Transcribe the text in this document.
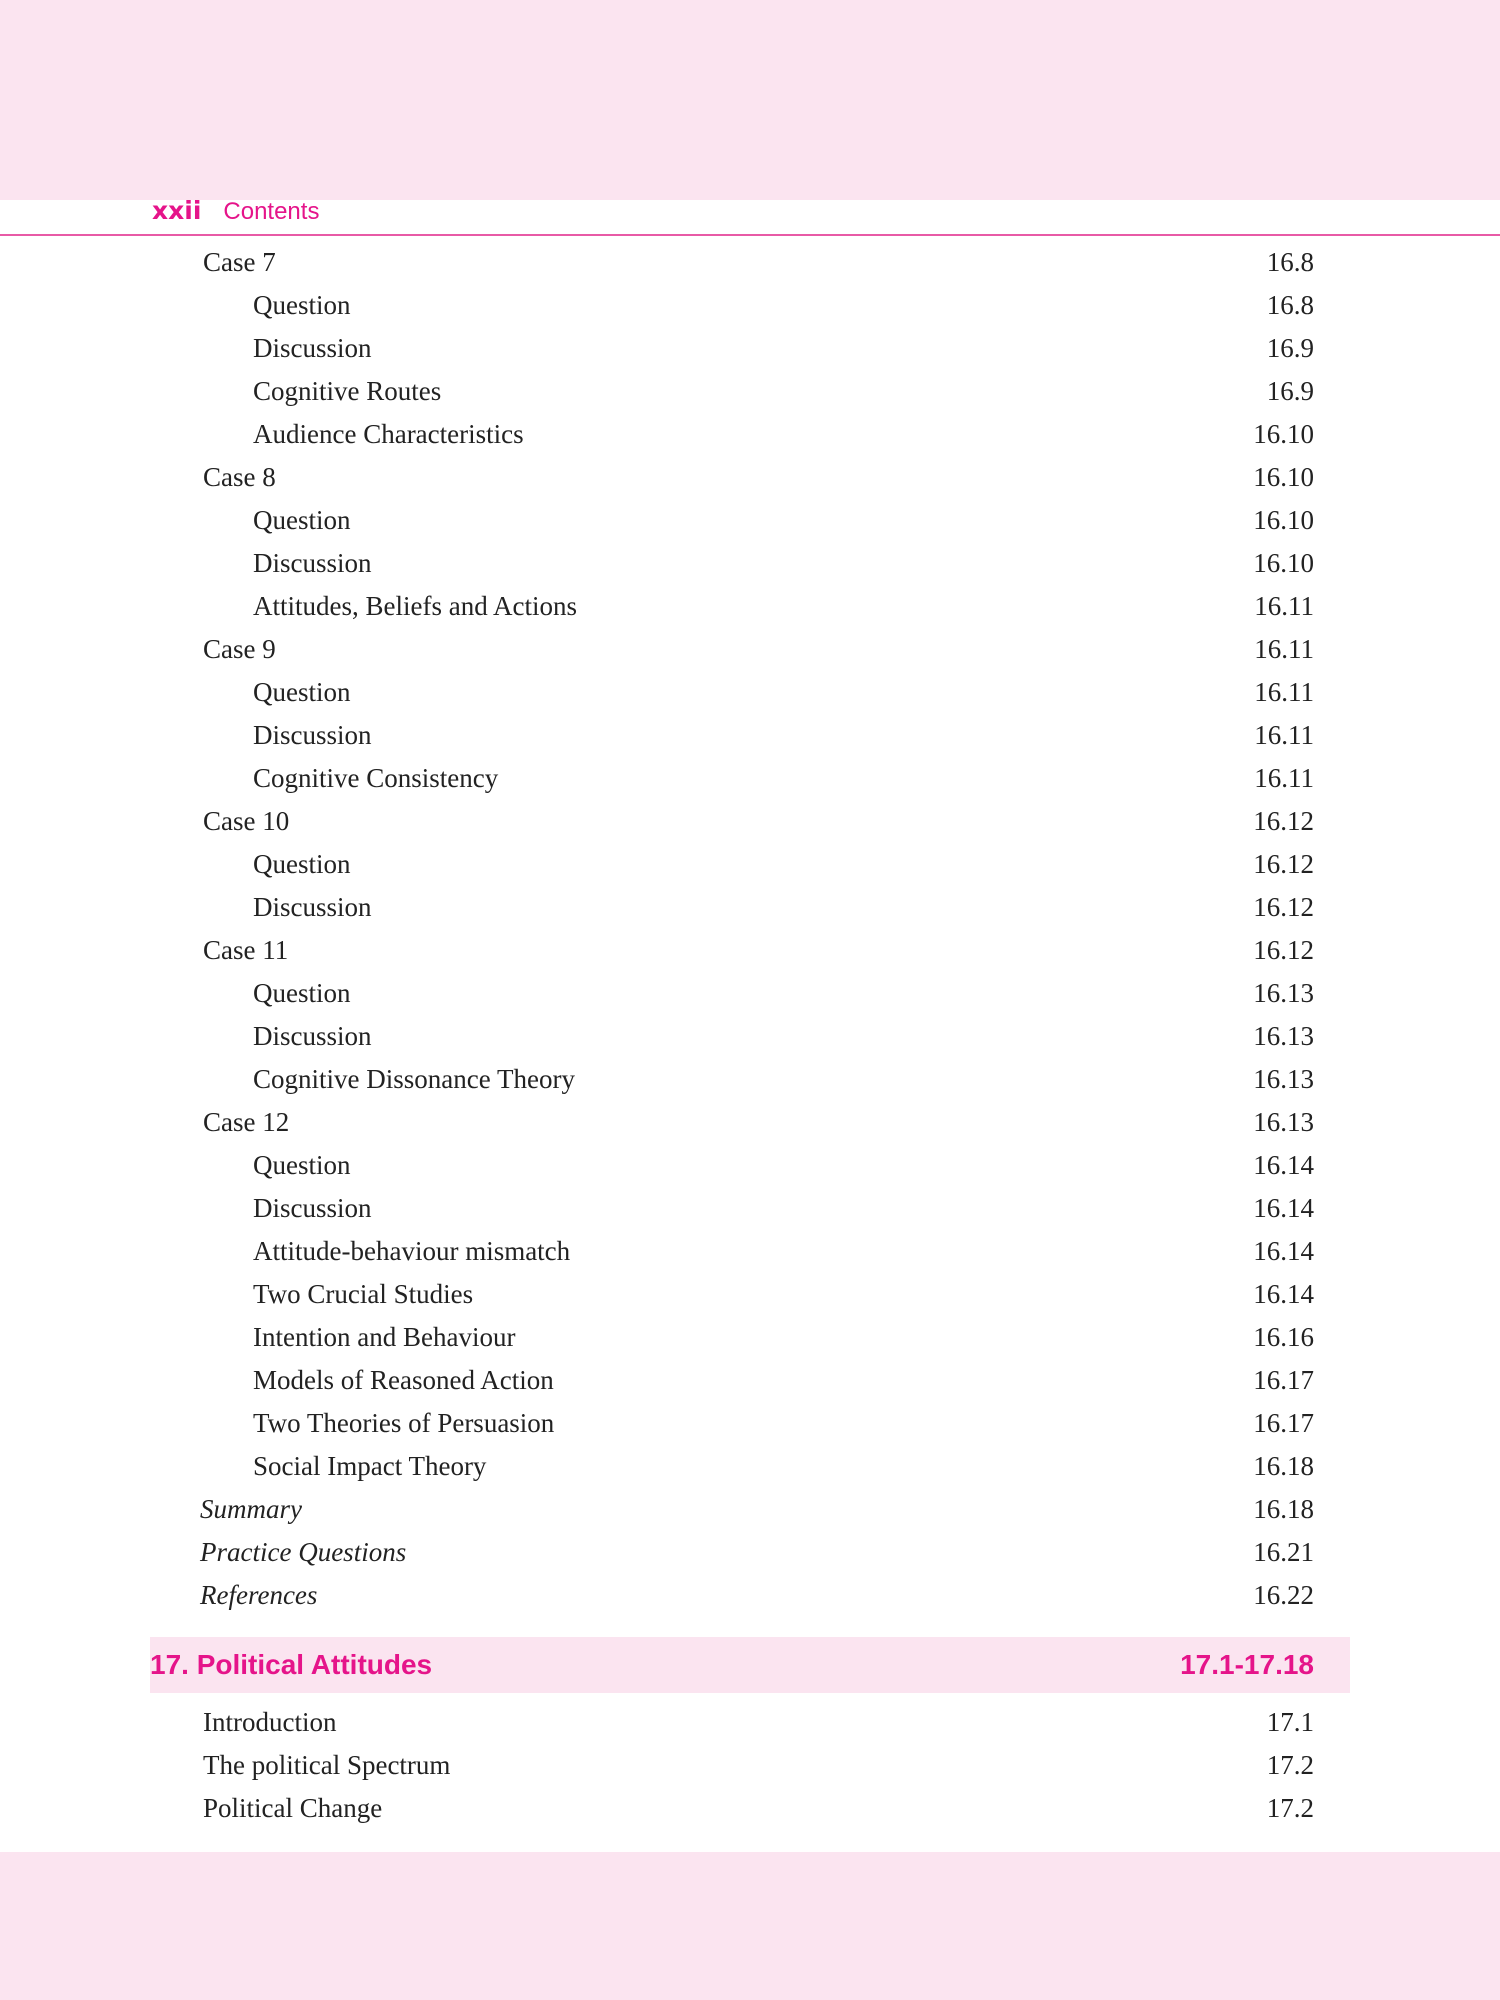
xxii Contents
Case 7	16.8
Question	16.8
Discussion	16.9
Cognitive Routes	16.9
Audience Characteristics	16.10
Case 8	16.10
Question	16.10
Discussion	16.10
Attitudes, Beliefs and Actions	16.11
Case 9	16.11
Question	16.11
Discussion	16.11
Cognitive Consistency	16.11
Case 10	16.12
Question	16.12
Discussion	16.12
Case 11	16.12
Question	16.13
Discussion	16.13
Cognitive Dissonance Theory	16.13
Case 12	16.13
Question	16.14
Discussion	16.14
Attitude-behaviour mismatch	16.14
Two Crucial Studies	16.14
Intention and Behaviour	16.16
Models of Reasoned Action	16.17
Two Theories of Persuasion	16.17
Social Impact Theory	16.18
Summary	16.18
Practice Questions	16.21
References	16.22
17. Political Attitudes	17.1-17.18
Introduction	17.1
The political Spectrum	17.2
Political Change	17.2
